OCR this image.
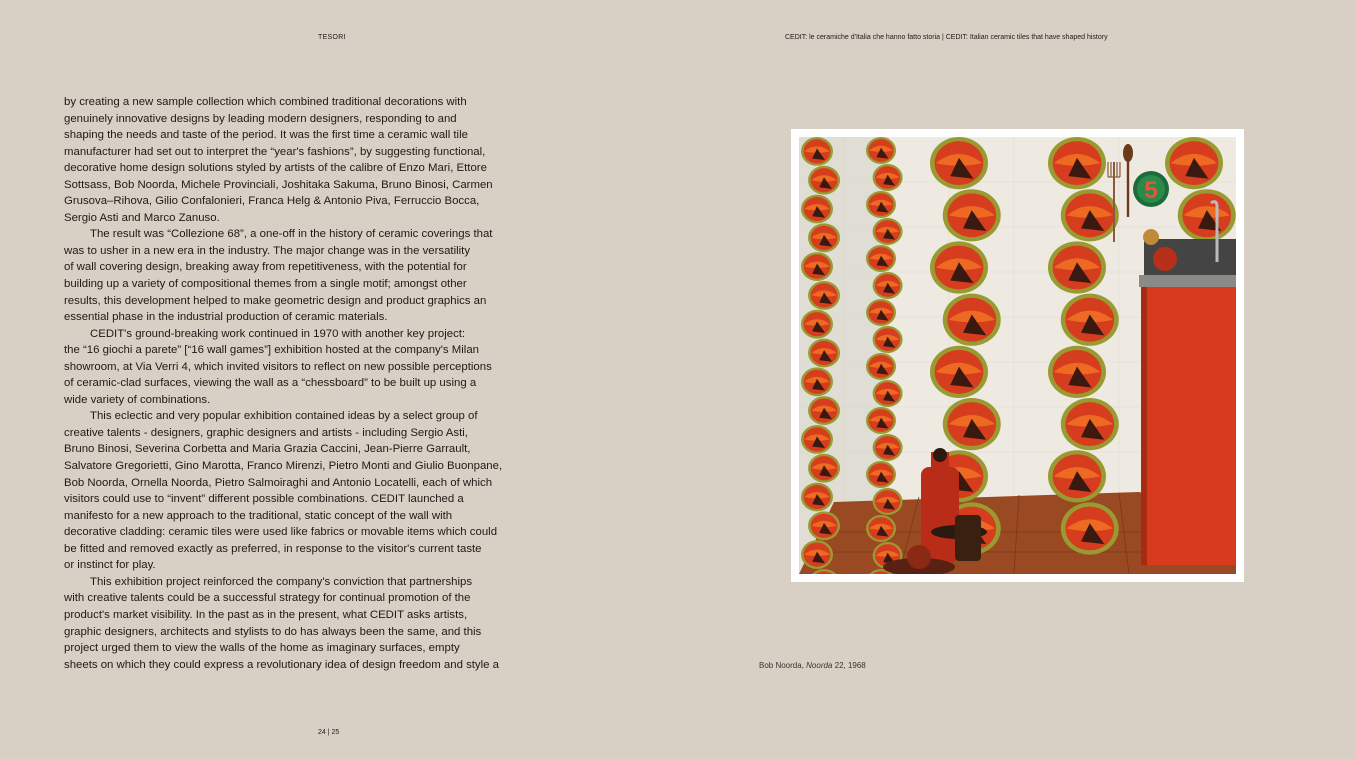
TESORI	CEDIT: le ceramiche d'Italia che hanno fatto storia | CEDIT: Italian ceramic tiles that have shaped history
by creating a new sample collection which combined traditional decorations with
genuinely innovative designs by leading modern designers, responding to and
shaping the needs and taste of the period. It was the first time a ceramic wall tile
manufacturer had set out to interpret the “year's fashions”, by suggesting functional,
decorative home design solutions styled by artists of the calibre of Enzo Mari, Ettore
Sottsass, Bob Noorda, Michele Provinciali, Joshitaka Sakuma, Bruno Binosi, Carmen
Grusova–Rihova, Gilio Confalonieri, Franca Helg & Antonio Piva, Ferruccio Bocca,
Sergio Asti and Marco Zanuso.
The result was “Collezione 68”, a one-off in the history of ceramic coverings that
was to usher in a new era in the industry. The major change was in the versatility
of wall covering design, breaking away from repetitiveness, with the potential for
building up a variety of compositional themes from a single motif; amongst other
results, this development helped to make geometric design and product graphics an
essential phase in the industrial production of ceramic materials.
CEDIT's ground-breaking work continued in 1970 with another key project:
the “16 giochi a parete” [“16 wall games”] exhibition hosted at the company's Milan
showroom, at Via Verri 4, which invited visitors to reflect on new possible perceptions
of ceramic-clad surfaces, viewing the wall as a “chessboard” to be built up using a
wide variety of combinations.
This eclectic and very popular exhibition contained ideas by a select group of
creative talents - designers, graphic designers and artists - including Sergio Asti,
Bruno Binosi, Severina Corbetta and Maria Grazia Caccini, Jean-Pierre Garrault,
Salvatore Gregorietti, Gino Marotta, Franco Mirenzi, Pietro Monti and Giulio Buonpane,
Bob Noorda, Ornella Noorda, Pietro Salmoiraghi and Antonio Locatelli, each of which
visitors could use to “invent” different possible combinations. CEDIT launched a
manifesto for a new approach to the traditional, static concept of the wall with
decorative cladding: ceramic tiles were used like fabrics or movable items which could
be fitted and removed exactly as preferred, in response to the visitor's current taste
or instinct for play.
This exhibition project reinforced the company's conviction that partnerships
with creative talents could be a successful strategy for continual promotion of the
product's market visibility. In the past as in the present, what CEDIT asks artists,
graphic designers, architects and stylists to do has always been the same, and this
project urged them to view the walls of the home as imaginary surfaces, empty
sheets on which they could express a revolutionary idea of design freedom and style a
5
Bob Noorda, Noorda 22, 1968
24 | 25
